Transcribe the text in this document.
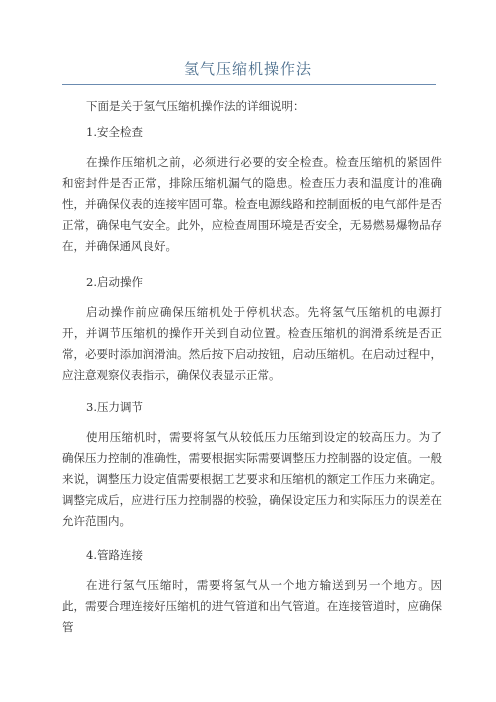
氢气压缩机操作法

下面是关于氢气压缩机操作法的详细说明：

1.安全检查

在操作压缩机之前，必须进行必要的安全检查。检查压缩机的紧固件和密封件是否正常，排除压缩机漏气的隐患。检查压力表和温度计的准确性，并确保仪表的连接牢固可靠。检查电源线路和控制面板的电气部件是否正常，确保电气安全。此外，应检查周围环境是否安全，无易燃易爆物品存在，并确保通风良好。

2.启动操作

启动操作前应确保压缩机处于停机状态。先将氢气压缩机的电源打开，并调节压缩机的操作开关到自动位置。检查压缩机的润滑系统是否正常，必要时添加润滑油。然后按下启动按钮，启动压缩机。在启动过程中，应注意观察仪表指示，确保仪表显示正常。

3.压力调节

使用压缩机时，需要将氢气从较低压力压缩到设定的较高压力。为了确保压力控制的准确性，需要根据实际需要调整压力控制器的设定值。一般来说，调整压力设定值需要根据工艺要求和压缩机的额定工作压力来确定。调整完成后，应进行压力控制器的校验，确保设定压力和实际压力的误差在允许范围内。

4.管路连接

在进行氢气压缩时，需要将氢气从一个地方输送到另一个地方。因此，需要合理连接好压缩机的进气管道和出气管道。在连接管道时，应确保管
